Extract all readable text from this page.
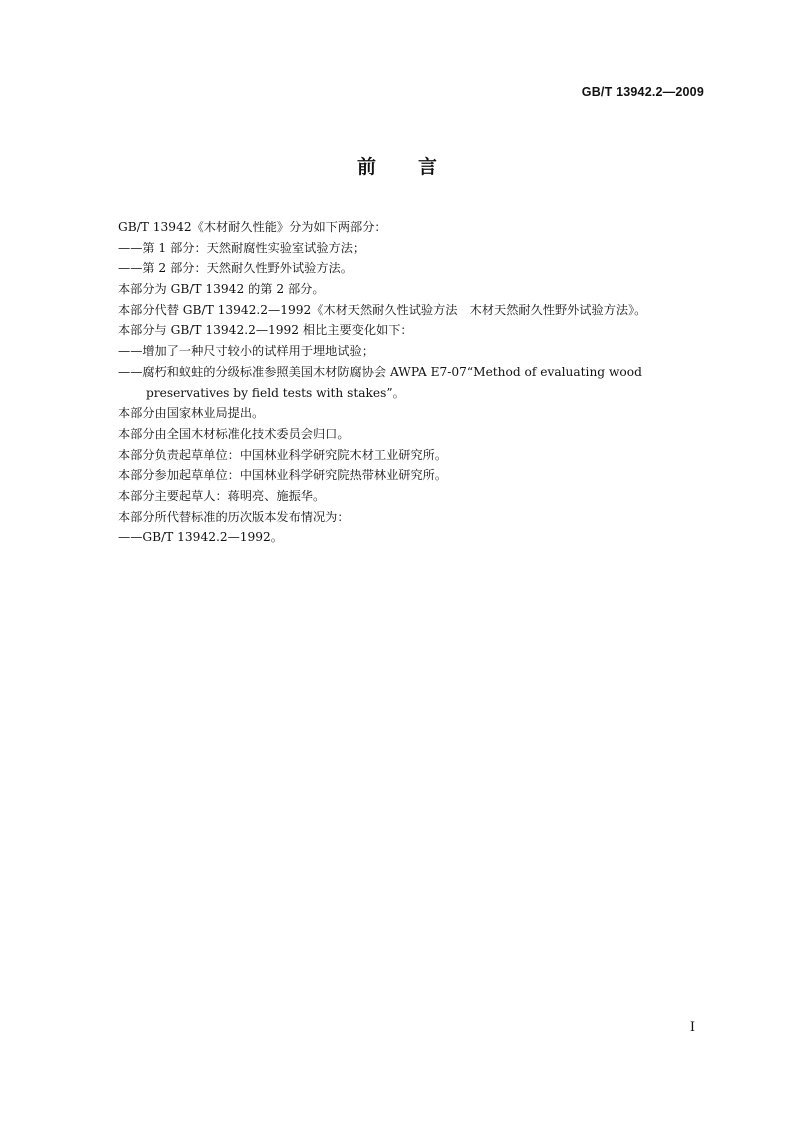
GB/T 13942.2—2009
前言
GB/T 13942《木材耐久性能》分为如下两部分：
——第 1 部分：天然耐腐性实验室试验方法；
——第 2 部分：天然耐久性野外试验方法。
本部分为 GB/T 13942 的第 2 部分。
本部分代替 GB/T 13942.2—1992《木材天然耐久性试验方法　木材天然耐久性野外试验方法》。
本部分与 GB/T 13942.2—1992 相比主要变化如下：
——增加了一种尺寸较小的试样用于埋地试验；
——腐朽和蚁蛀的分级标准参照美国木材防腐协会 AWPA E7-07“Method of evaluating wood
preservatives by field tests with stakes”。
本部分由国家林业局提出。
本部分由全国木材标准化技术委员会归口。
本部分负责起草单位：中国林业科学研究院木材工业研究所。
本部分参加起草单位：中国林业科学研究院热带林业研究所。
本部分主要起草人：蒋明亮、施振华。
本部分所代替标准的历次版本发布情况为：
——GB/T 13942.2—1992。
I
